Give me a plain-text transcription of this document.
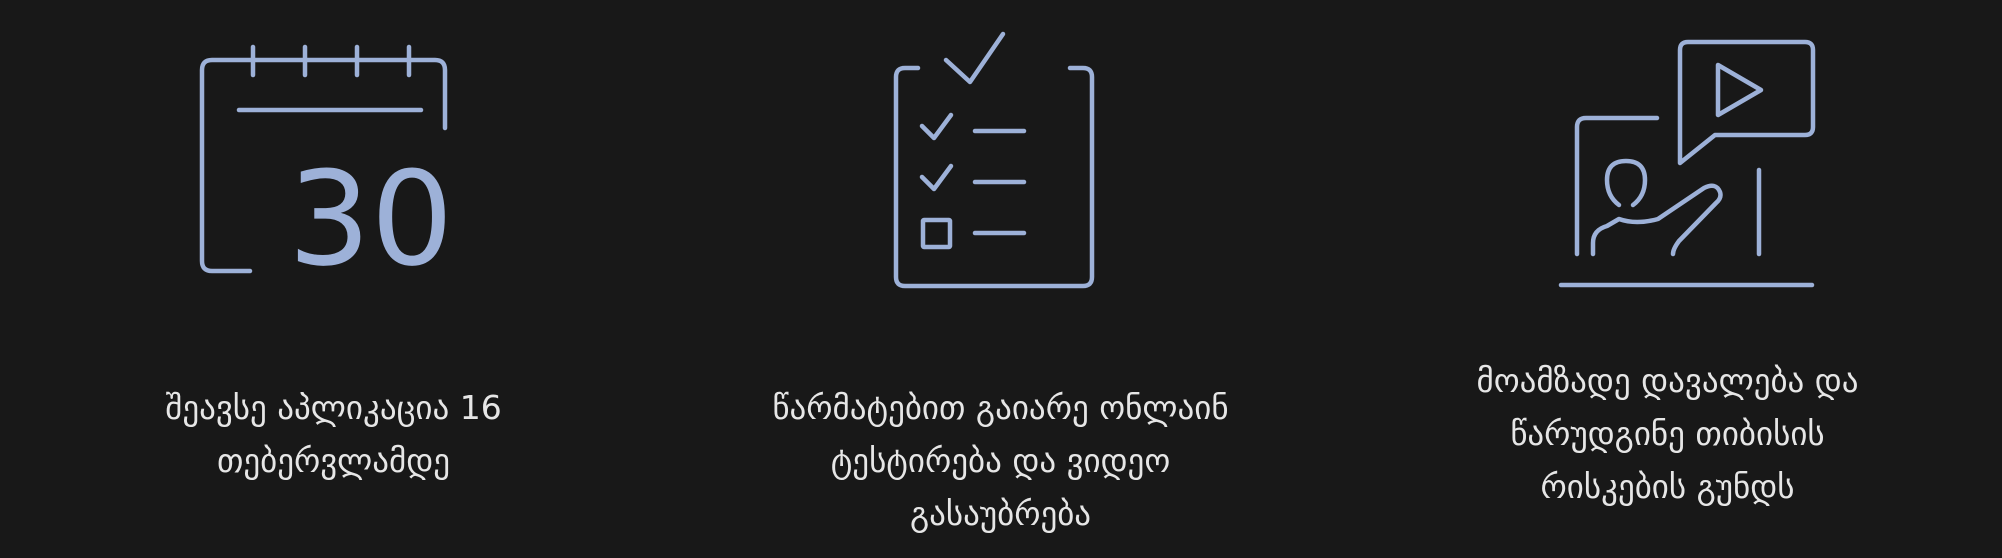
30
შეავსე აპლიკაცია 16
თებერვლამდე
წარმატებით გაიარე ონლაინ
ტესტირება და ვიდეო
გასაუბრება
მოამზადე დავალება და
წარუდგინე თიბისის
რისკების გუნდს
